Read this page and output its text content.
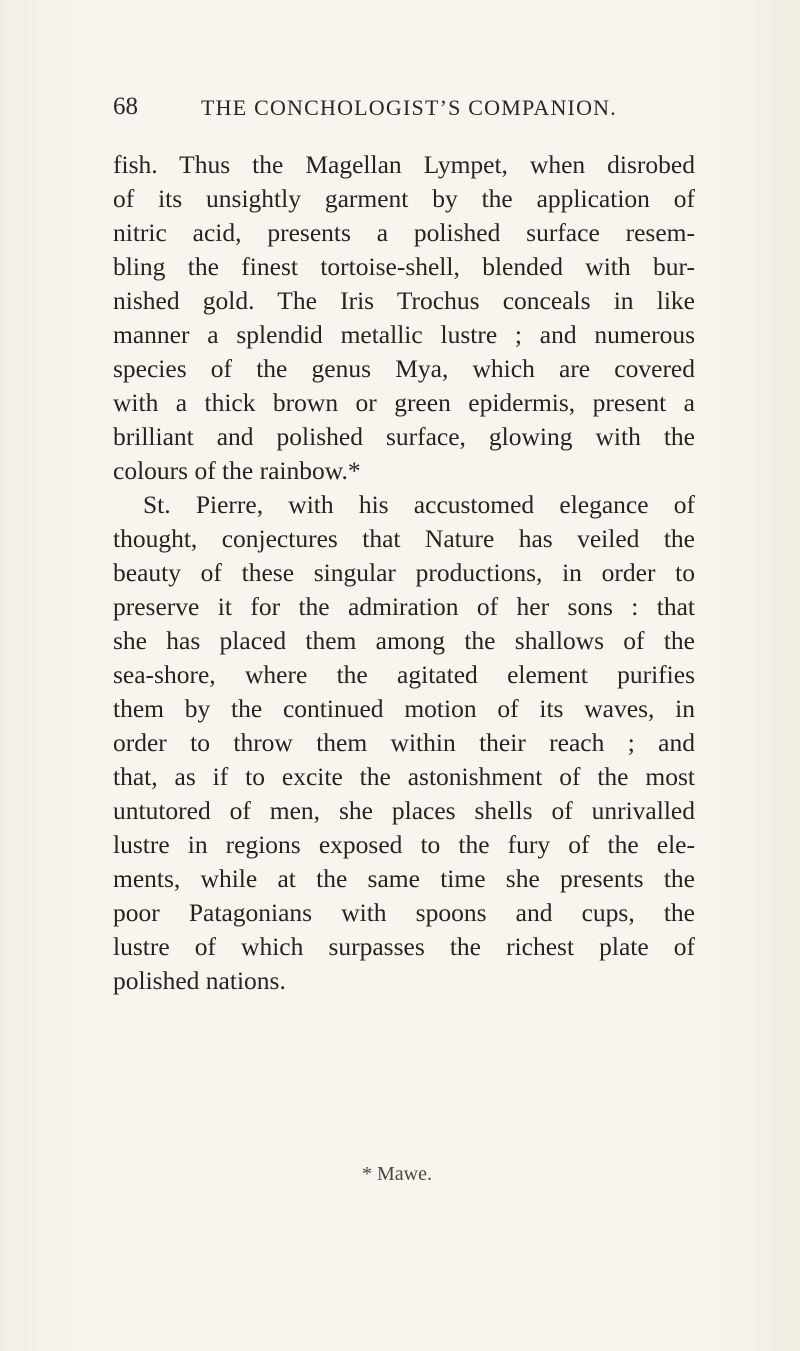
68	THE CONCHOLOGIST’S COMPANION.
fish. Thus the Magellan Lympet, when disrobed
of its unsightly garment by the application of
nitric acid, presents a polished surface resem-
bling the finest tortoise-shell, blended with bur-
nished gold. The Iris Trochus conceals in like
manner a splendid metallic lustre ; and numerous
species of the genus Mya, which are covered
with a thick brown or green epidermis, present a
brilliant and polished surface, glowing with the
colours of the rainbow.*
St. Pierre, with his accustomed elegance of
thought, conjectures that Nature has veiled the
beauty of these singular productions, in order to
preserve it for the admiration of her sons : that
she has placed them among the shallows of the
sea-shore, where the agitated element purifies
them by the continued motion of its waves, in
order to throw them within their reach ; and
that, as if to excite the astonishment of the most
untutored of men, she places shells of unrivalled
lustre in regions exposed to the fury of the ele-
ments, while at the same time she presents the
poor Patagonians with spoons and cups, the
lustre of which surpasses the richest plate of
polished nations.
* Mawe.
